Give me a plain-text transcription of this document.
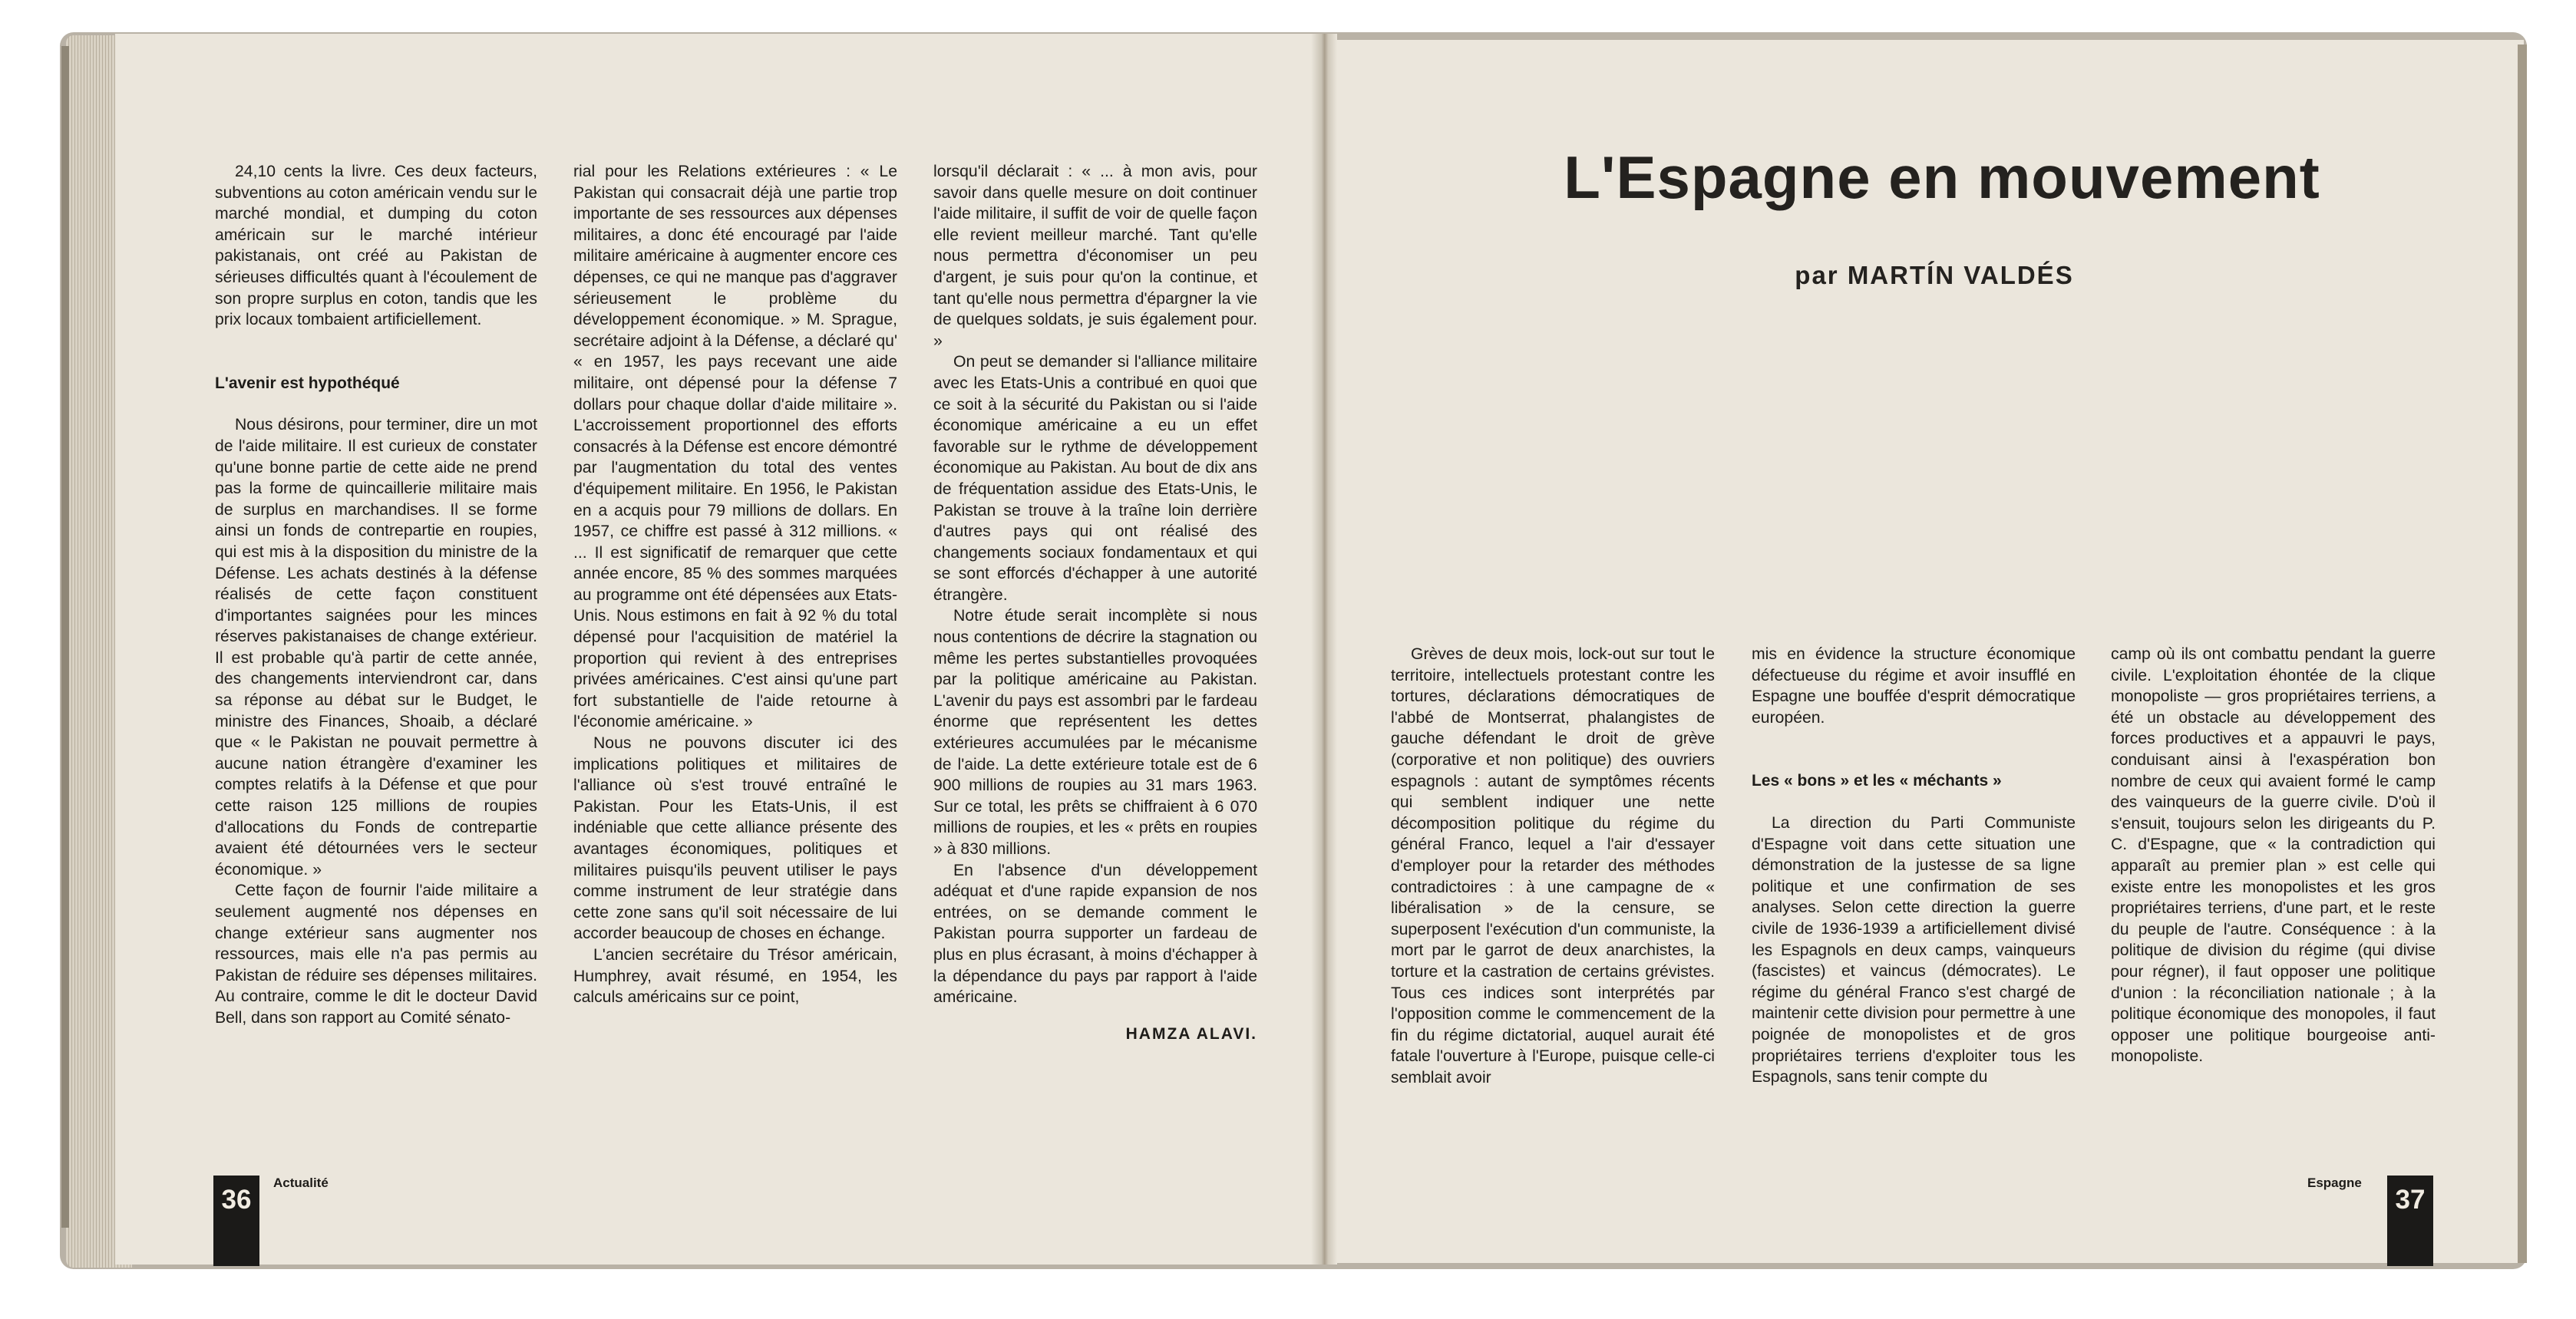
24,10 cents la livre. Ces deux facteurs, subventions au coton américain vendu sur le marché mondial, et dumping du coton américain sur le marché intérieur pakistanais, ont créé au Pakistan de sérieuses difficultés quant à l'écoulement de son propre surplus en coton, tandis que les prix locaux tombaient artificiellement.

L'avenir est hypothéqué

Nous désirons, pour terminer, dire un mot de l'aide militaire. Il est curieux de constater qu'une bonne partie de cette aide ne prend pas la forme de quincaillerie militaire mais de surplus en marchandises. Il se forme ainsi un fonds de contrepartie en roupies, qui est mis à la disposition du ministre de la Défense. Les achats destinés à la défense réalisés de cette façon constituent d'importantes saignées pour les minces réserves pakistanaises de change extérieur. Il est probable qu'à partir de cette année, des changements interviendront car, dans sa réponse au débat sur le Budget, le ministre des Finances, Shoaib, a déclaré que « le Pakistan ne pouvait permettre à aucune nation étrangère d'examiner les comptes relatifs à la Défense et que pour cette raison 125 millions de roupies d'allocations du Fonds de contrepartie avaient été détournées vers le secteur économique. »

Cette façon de fournir l'aide militaire a seulement augmenté nos dépenses en change extérieur sans augmenter nos ressources, mais elle n'a pas permis au Pakistan de réduire ses dépenses militaires. Au contraire, comme le dit le docteur David Bell, dans son rapport au Comité sénato-

rial pour les Relations extérieures : « Le Pakistan qui consacrait déjà une partie trop importante de ses ressources aux dépenses militaires, a donc été encouragé par l'aide militaire américaine à augmenter encore ces dépenses, ce qui ne manque pas d'aggraver sérieusement le problème du développement économique. » M. Sprague, secrétaire adjoint à la Défense, a déclaré qu' « en 1957, les pays recevant une aide militaire, ont dépensé pour la défense 7 dollars pour chaque dollar d'aide militaire ». L'accroissement proportionnel des efforts consacrés à la Défense est encore démontré par l'augmentation du total des ventes d'équipement militaire. En 1956, le Pakistan en a acquis pour 79 millions de dollars. En 1957, ce chiffre est passé à 312 millions. « ... Il est significatif de remarquer que cette année encore, 85 % des sommes marquées au programme ont été dépensées aux Etats-Unis. Nous estimons en fait à 92 % du total dépensé pour l'acquisition de matériel la proportion qui revient à des entreprises privées américaines. C'est ainsi qu'une part fort substantielle de l'aide retourne à l'économie américaine. »

Nous ne pouvons discuter ici des implications politiques et militaires de l'alliance où s'est trouvé entraîné le Pakistan. Pour les Etats-Unis, il est indéniable que cette alliance présente des avantages économiques, politiques et militaires puisqu'ils peuvent utiliser le pays comme instrument de leur stratégie dans cette zone sans qu'il soit nécessaire de lui accorder beaucoup de choses en échange.

L'ancien secrétaire du Trésor américain, Humphrey, avait résumé, en 1954, les calculs américains sur ce point,

lorsqu'il déclarait : « ... à mon avis, pour savoir dans quelle mesure on doit continuer l'aide militaire, il suffit de voir de quelle façon elle revient meilleur marché. Tant qu'elle nous permettra d'économiser un peu d'argent, je suis pour qu'on la continue, et tant qu'elle nous permettra d'épargner la vie de quelques soldats, je suis également pour. »

On peut se demander si l'alliance militaire avec les Etats-Unis a contribué en quoi que ce soit à la sécurité du Pakistan ou si l'aide économique américaine a eu un effet favorable sur le rythme de développement économique au Pakistan. Au bout de dix ans de fréquentation assidue des Etats-Unis, le Pakistan se trouve à la traîne loin derrière d'autres pays qui ont réalisé des changements sociaux fondamentaux et qui se sont efforcés d'échapper à une autorité étrangère.

Notre étude serait incomplète si nous nous contentions de décrire la stagnation ou même les pertes substantielles provoquées par la politique américaine au Pakistan. L'avenir du pays est assombri par le fardeau énorme que représentent les dettes extérieures accumulées par le mécanisme de l'aide. La dette extérieure totale est de 6 900 millions de roupies au 31 mars 1963. Sur ce total, les prêts se chiffraient à 6 070 millions de roupies, et les « prêts en roupies » à 830 millions.

En l'absence d'un développement adéquat et d'une rapide expansion de nos entrées, on se demande comment le Pakistan pourra supporter un fardeau de plus en plus écrasant, à moins d'échapper à la dépendance du pays par rapport à l'aide américaine.

HAMZA ALAVI.

36
Actualité
L'Espagne en mouvement
par MARTÍN VALDÉS

Grèves de deux mois, lock-out sur tout le territoire, intellectuels protestant contre les tortures, déclarations démocratiques de l'abbé de Montserrat, phalangistes de gauche défendant le droit de grève (corporative et non politique) des ouvriers espagnols : autant de symptômes récents qui semblent indiquer une nette décomposition politique du régime du général Franco, lequel a l'air d'essayer d'employer pour la retarder des méthodes contradictoires : à une campagne de « libéralisation » de la censure, se superposent l'exécution d'un communiste, la mort par le garrot de deux anarchistes, la torture et la castration de certains grévistes. Tous ces indices sont interprétés par l'opposition comme le commencement de la fin du régime dictatorial, auquel aurait été fatale l'ouverture à l'Europe, puisque celle-ci semblait avoir

mis en évidence la structure économique défectueuse du régime et avoir insufflé en Espagne une bouffée d'esprit démocratique européen.

Les « bons » et les « méchants »

La direction du Parti Communiste d'Espagne voit dans cette situation une démonstration de la justesse de sa ligne politique et une confirmation de ses analyses. Selon cette direction la guerre civile de 1936-1939 a artificiellement divisé les Espagnols en deux camps, vainqueurs (fascistes) et vaincus (démocrates). Le régime du général Franco s'est chargé de maintenir cette division pour permettre à une poignée de monopolistes et de gros propriétaires terriens d'exploiter tous les Espagnols, sans tenir compte du

camp où ils ont combattu pendant la guerre civile. L'exploitation éhontée de la clique monopoliste — gros propriétaires terriens, a été un obstacle au développement des forces productives et a appauvri le pays, conduisant ainsi à l'exaspération bon nombre de ceux qui avaient formé le camp des vainqueurs de la guerre civile. D'où il s'ensuit, toujours selon les dirigeants du P. C. d'Espagne, que « la contradiction qui apparaît au premier plan » est celle qui existe entre les monopolistes et les gros propriétaires terriens, d'une part, et le reste du peuple de l'autre. Conséquence : à la politique de division du régime (qui divise pour régner), il faut opposer une politique d'union : la réconciliation nationale ; à la politique économique des monopoles, il faut opposer une politique bourgeoise anti-monopoliste.

Espagne
37
